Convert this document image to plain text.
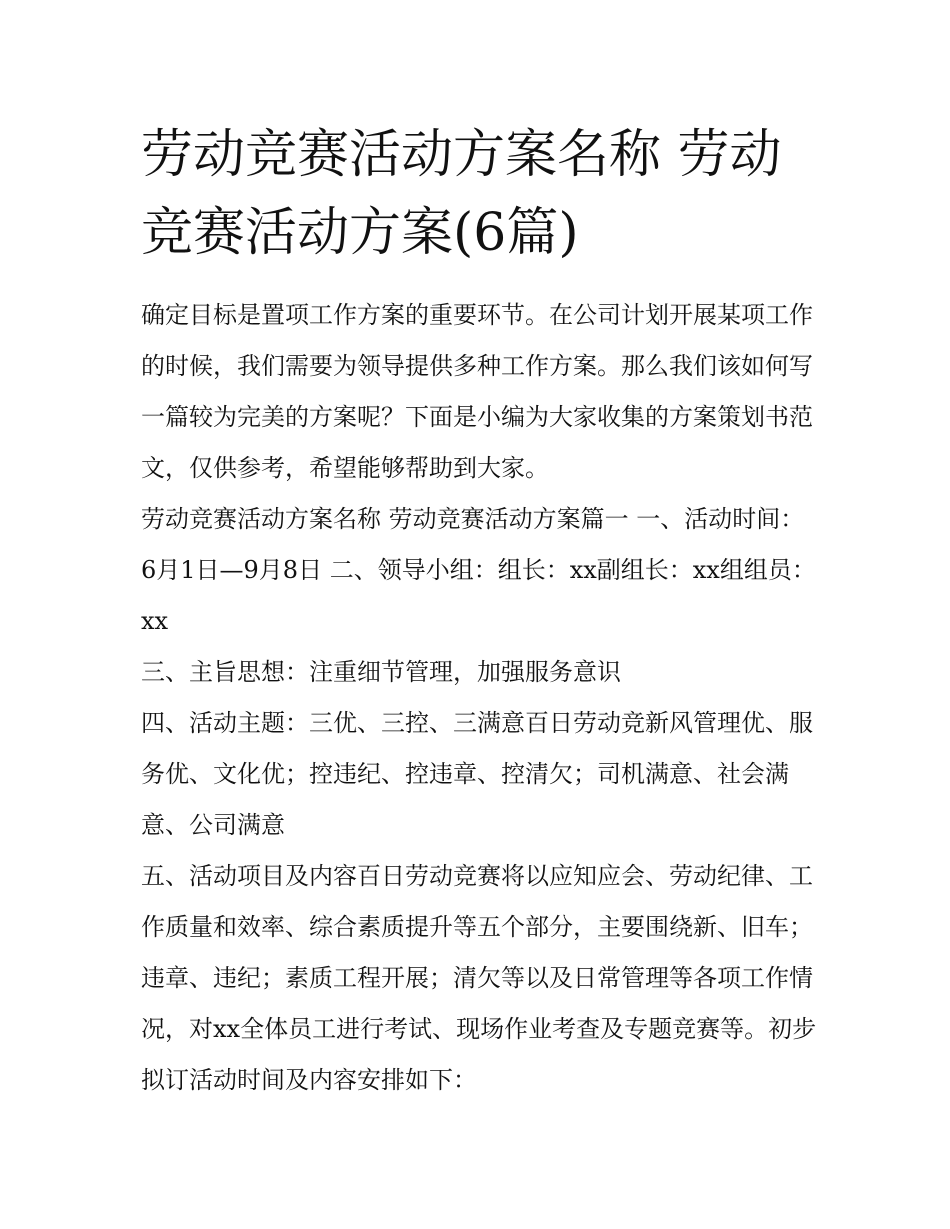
劳动竞赛活动方案名称 劳动竞赛活动方案(6篇)

确定目标是置项工作方案的重要环节。在公司计划开展某项工作的时候，我们需要为领导提供多种工作方案。那么我们该如何写一篇较为完美的方案呢？下面是小编为大家收集的方案策划书范文，仅供参考，希望能够帮助到大家。

劳动竞赛活动方案名称 劳动竞赛活动方案篇一 一、活动时间：6月1日—9月8日 二、领导小组：组长：xx副组长：xx组组员：xx

三、主旨思想：注重细节管理，加强服务意识

四、活动主题：三优、三控、三满意百日劳动竞新风管理优、服务优、文化优；控违纪、控违章、控清欠；司机满意、社会满意、公司满意

五、活动项目及内容百日劳动竞赛将以应知应会、劳动纪律、工作质量和效率、综合素质提升等五个部分，主要围绕新、旧车；违章、违纪；素质工程开展；清欠等以及日常管理等各项工作情况，对xx全体员工进行考试、现场作业考查及专题竞赛等。初步拟订活动时间及内容安排如下：
